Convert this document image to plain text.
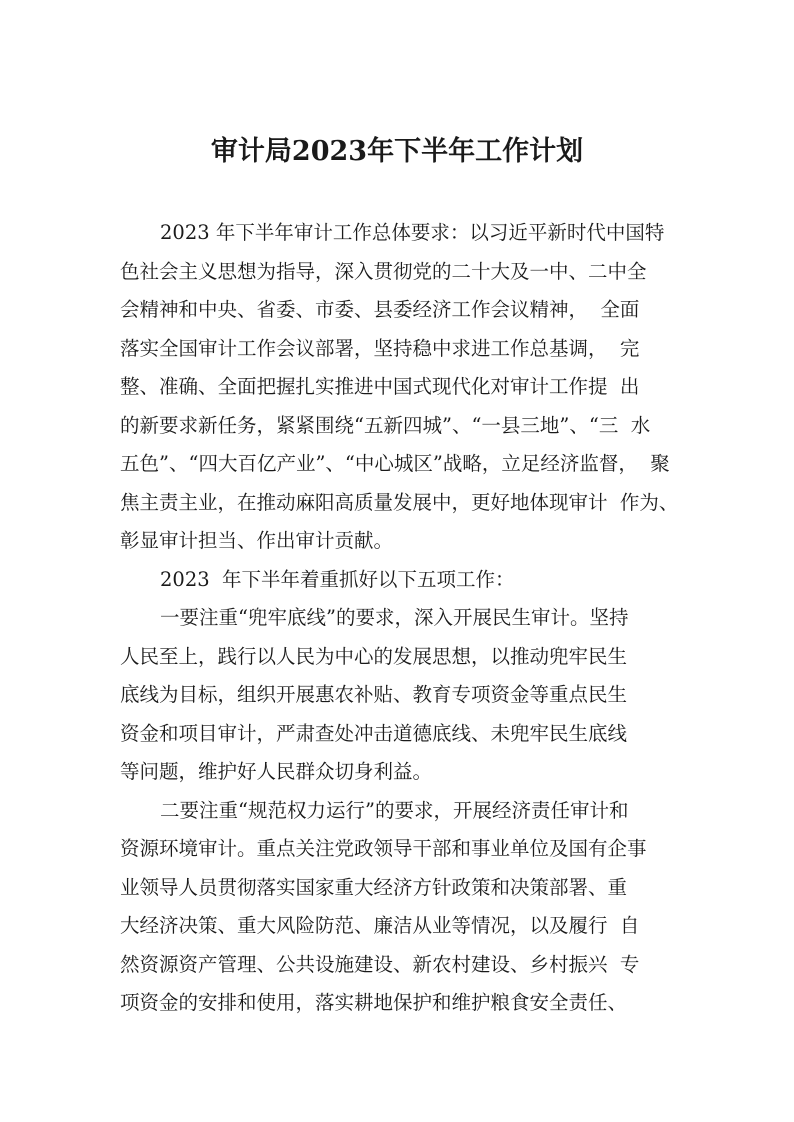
审计局2023年下半年工作计划
2023 年下半年审计工作总体要求：以习近平新时代中国特
色社会主义思想为指导，深入贯彻党的二十大及一中、二中全
会精神和中央、省委、市委、县委经济工作会议精神，  全面
落实全国审计工作会议部署，坚持稳中求进工作总基调，  完
整、准确、全面把握扎实推进中国式现代化对审计工作提  出
的新要求新任务，紧紧围绕“五新四城”、“一县三地”、“三  水
五色”、“四大百亿产业”、“中心城区”战略，立足经济监督，  聚
焦主责主业，在推动麻阳高质量发展中，更好地体现审计  作为、
彰显审计担当、作出审计贡献。
2023  年下半年着重抓好以下五项工作：
一要注重“兜牢底线”的要求，深入开展民生审计。坚持
人民至上，践行以人民为中心的发展思想，以推动兜牢民生
底线为目标，组织开展惠农补贴、教育专项资金等重点民生
资金和项目审计，严肃查处冲击道德底线、未兜牢民生底线
等问题，维护好人民群众切身利益。
二要注重“规范权力运行”的要求，开展经济责任审计和
资源环境审计。重点关注党政领导干部和事业单位及国有企事
业领导人员贯彻落实国家重大经济方针政策和决策部署、重
大经济决策、重大风险防范、廉洁从业等情况，以及履行  自
然资源资产管理、公共设施建设、新农村建设、乡村振兴  专
项资金的安排和使用，落实耕地保护和维护粮食安全责任、
